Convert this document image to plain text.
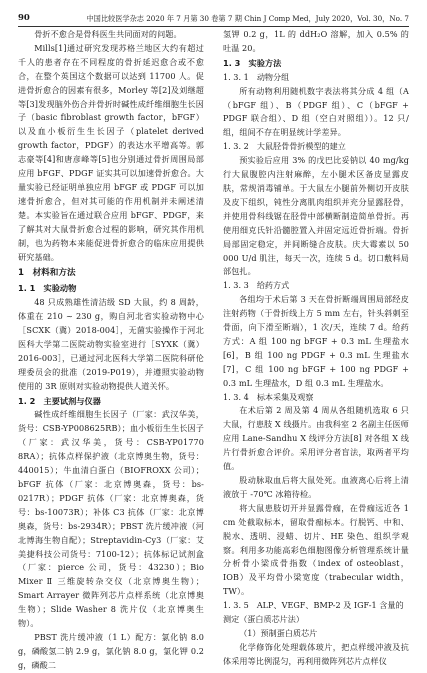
90	中国比较医学杂志 2020 年 7 月第 30 卷第 7 期 Chin J Comp Med，July 2020，Vol. 30，No. 7

骨折不愈合是骨科医生共同面对的问题。

Mills[1]通过研究发现苏格兰地区大约有超过千人的患者存在不同程度的骨折延迟愈合或不愈合，在整个英国这个数据可以达到 11700 人。促进骨折愈合的因素有很多，Morley 等[2]及刘继超等[3]发现脑外伤合并骨折时碱性成纤维细胞生长因子（basic fibroblast growth factor，bFGF）以及血小板衍生生长因子（platelet derived growth factor，PDGF）的表达水平增高等。郭志豪等[4]和唐彦峰等[5]也分别通过骨折周围局部应用 bFGF、PDGF 证实其可以加速骨折愈合。大量实验已经证明单独应用 bFGF 或 PDGF 可以加速骨折愈合，但对其可能的作用机制并未阐述清楚。本实验旨在通过联合应用 bFGF、PDGF，来了解其对大鼠骨折愈合过程的影响，研究其作用机制，也为药物本来能促进骨折愈合的临床应用提供研究基础。

1　材料和方法
1. 1　实验动物

48 只成熟雄性清洁级 SD 大鼠，约 8 周龄，体重在 210 ~ 230 g，购自河北省实验动物中心［SCXK（冀）2018-004］，无菌实验操作于河北医科大学第二医院动物实验室进行［SYXK（冀）2016-003］，已通过河北医科大学第二医院科研伦理委员会的批准（2019-P019），并遵照实验动物使用的 3R 原则对实验动物提供人道关怀。

1. 2　主要试剂与仪器

碱性成纤维细胞生长因子（厂家：武汉华美，货号：CSB-YP008625RB）；血小板衍生生长因子（厂家：武汉华美，货号：CSB-YP01770 8RA）；抗体点样保护液（北京博奥生物，货号：440015）；牛血清白蛋白（BIOFROXX 公司）；bFGF 抗体（厂家：北京博奥森，货号：bs-0217R）；PDGF 抗体（厂家：北京博奥森，货号：bs-10073R）；补体 C3 抗体（厂家：北京博奥森，货号：bs-2934R）；PBST 洗片缓冲液（河北博海生物自配）；Streptavidin-Cy3（厂家：艾美捷科技公司货号：7100-12）；抗体标记试剂盒（厂家：pierce 公司，货号：43230）；Bio Mixer Ⅱ 三维旋转杂交仪（北京博奥生物）；Smart Arrayer 微阵列芯片点样系统（北京博奥生物）；Slide Washer 8 洗片仪（北京博奥生物）。

PBST 洗片缓冲液（1 L）配方：氯化钠 8.0 g，磷酸氢二钠 2.9 g，氯化钠 8.0 g，氯化钾 0.2 g，磷酸二

氢钾 0.2 g，1L 的 ddH₂O 溶解，加入 0.5% 的吐温 20。

1. 3　实验方法
1. 3. 1　动物分组

所有动物利用随机数字表法将其分成 4 组（A（bFGF 组）、B（PDGF 组）、C（bFGF + PDGF 联合组）、D 组（空白对照组））。12 只/组，组间不存在明显统计学差异。

1. 3. 2　大鼠胫骨骨折模型的建立

预实验后应用 3% 的戊巴比妥钠以 40 mg/kg 行大鼠腹腔内注射麻醉，左小腿术区备皮显露皮肤，常规消毒铺单。于大鼠左小腿前外侧切开皮肤及皮下组织，钝性分离肌肉组织并充分显露胫骨，并使用骨科线锯在胫骨中部横断制造简单骨折。再使用细克氏针沿髓腔置入并固定远近骨折端。骨折局部固定稳定，并间断缝合皮肤。庆大霉素以 50 000 U/d 肌注，每天一次，连续 5 d。切口敷料局部包扎。

1. 3. 3　给药方式

各组均于术后第 3 天在骨折断端周围局部经皮注射药物（于骨折线上方 5 mm 左右，针头斜刺至骨面，向下滑至断端），1 次/天，连续 7 d。给药方式：A 组 100 ng bFGF + 0.3 mL 生理盐水[6]，B 组 100 ng PDGF + 0.3 mL 生理盐水[7]，C 组 100 ng bFGF + 100 ng PDGF + 0.3 mL 生理盐水，D 组 0.3 mL 生理盐水。

1. 3. 4　标本采集及观察

在术后第 2 周及第 4 周从各组随机选取 6 只大鼠，行患肢 X 线摄片。由我科室 2 名副主任医师应用 Lane-Sandhu X 线评分方法[8] 对各组 X 线片行骨折愈合评价。采用评分者盲法，取两者平均值。

股动脉取血后将大鼠处死。血液离心后将上清液放于 -70℃ 冰箱待检。

将大鼠患肢切开并显露骨痂，在骨痂远近各 1 cm 处截取标本，留取骨痂标本。行脱钙、中和、脱水、透明、浸蜡、切片、HE 染色、组织学观察。利用多功能高彩色细胞图像分析管理系统计量分析骨小梁成骨指数（index of osteoblast，IOB）及平均骨小梁宽度（trabecular width，TW）。

1. 3. 5　ALP、VEGF、BMP-2 及 IGF-1 含量的测定（蛋白质芯片法）
（1）预制蛋白质芯片

化学修饰化处理载体玻片，把点样缓冲液及抗体采用等比例混匀，再利用微阵列芯片点样仪
